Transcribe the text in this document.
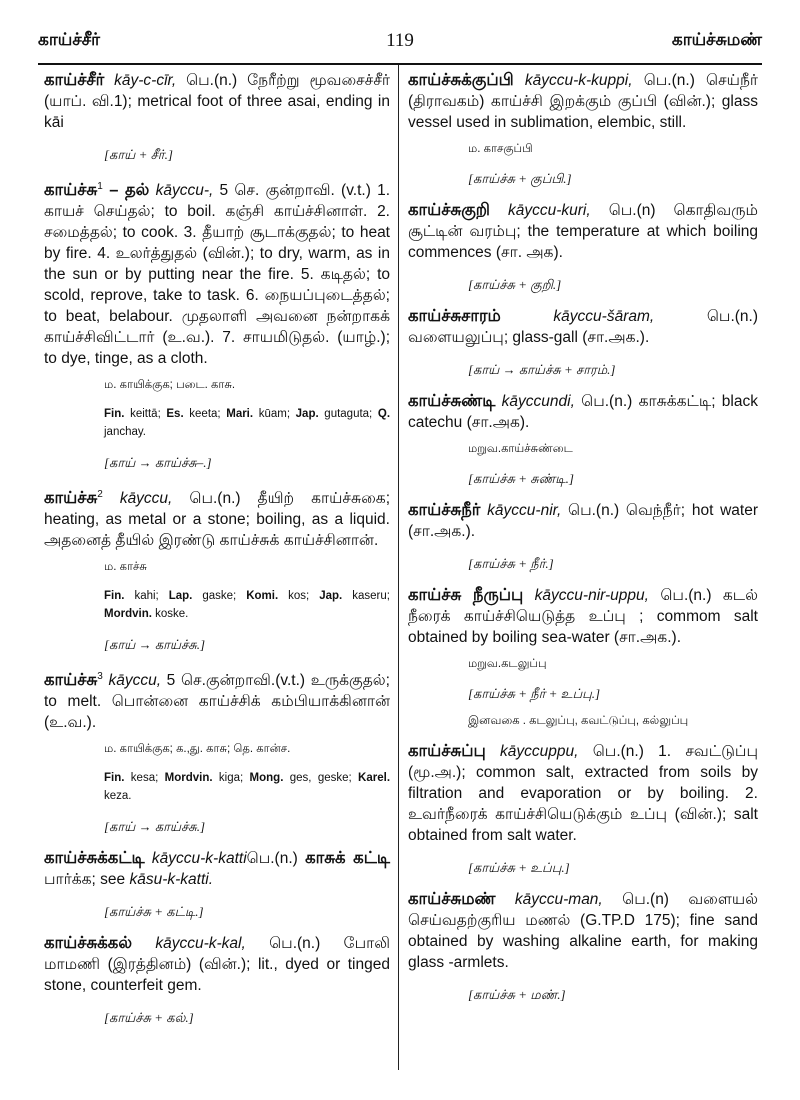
காய்ச்சீர்	119	காய்ச்சுமண்

காய்ச்சீர் kāy-c-cīr, பெ.(n.) நேரீற்று மூவசைச்சீர் (யாப். வி.1); metrical foot of three asai, ending in kāi

[காய் + சீர்.]

காய்ச்சு$^1$ – தல் kāyccu-, 5 செ. குன்றாவி. (v.t.) 1. காயச் செய்தல்; to boil. கஞ்சி காய்ச்சினாள். 2. சமைத்தல்; to cook. 3. தீயாற் சூடாக்குதல்; to heat by fire. 4. உலர்த்துதல் (வின்.); to dry, warm, as in the sun or by putting near the fire. 5. கடிதல்; to scold, reprove, take to task. 6. நையப்புடைத்தல்; to beat, belabour. முதலாளி அவனை நன்றாகக் காய்ச்சிவிட்டார் (உ.வ.). 7. சாயமிடுதல். (யாழ்.); to dye, tinge, as a cloth.

ம. காயிக்குக; படை. காசு.
Fin. keittā; Es. keeta; Mari. kūam; Jap. gutaguta; Q. janchay.
[காய் → காய்ச்சு–.]

காய்ச்சு$^2$ kāyccu, பெ.(n.) தீயிற் காய்ச்சுகை; heating, as metal or a stone; boiling, as a liquid. அதனைத் தீயில் இரண்டு காய்ச்சுக் காய்ச்சினான்.

ம. காச்சு
Fin. kahi; Lap. gaske; Komi. kos; Jap. kaseru; Mordvin. koske.
[காய் → காய்ச்சு.]

காய்ச்சு$^3$ kāyccu, 5 செ.குன்றாவி.(v.t.) உருக்குதல்; to melt. பொன்னை காய்ச்சிக் கம்பியாக்கினான் (உ.வ.).

ம. காயிக்குக; க.,து. காசு; தெ. கான்ச.
Fin. kesa; Mordvin. kiga; Mong. ges, geske; Karel. keza.
[காய் → காய்ச்சு.]

காய்ச்சுக்கட்டி kāyccu-k-kattiபெ.(n.) காசுக் கட்டி பார்க்க; see kāsu-k-katti.

[காய்ச்சு + கட்டி.]

காய்ச்சுக்கல் kāyccu-k-kal, பெ.(n.) போலி மாமணி (இரத்தினம்) (வின்.); lit., dyed or tinged stone, counterfeit gem.

[காய்ச்சு + கல்.]

காய்ச்சுக்குப்பி kāyccu-k-kuppi, பெ.(n.) செய்நீர் (திராவகம்) காய்ச்சி இறக்கும் குப்பி (வின்.); glass vessel used in sublimation, elembic, still.

ம. காசகுப்பி
[காய்ச்சு + குப்பி.]

காய்ச்சுகுறி kāyccu-kuri, பெ.(n) கொதிவரும் சூட்டின் வரம்பு; the temperature at which boiling commences (சா. அக).

[காய்ச்சு + குறி.]

காய்ச்சுசாரம்	kāyccu-šāram,	பெ.(n.) வளையலுப்பு; glass-gall (சா.அக.).

[காய் → காய்ச்சு + சாரம்.]

காய்ச்சுண்டி kāyccundi, பெ.(n.) காசுக்கட்டி; black catechu (சா.அக).

மறுவ.காய்ச்சுண்டை
[காய்ச்சு + சுண்டி.]

காய்ச்சுநீர் kāyccu-nir, பெ.(n.) வெந்நீர்; hot water (சா.அக.).

[காய்ச்சு + நீர்.]

காய்ச்சு நீருப்பு kāyccu-nir-uppu, பெ.(n.) கடல் நீரைக் காய்ச்சியெடுத்த உப்பு ; commom salt obtained by boiling sea-water (சா.அக.).

மறுவ.கடலுப்பு
[காய்ச்சு + நீர் + உப்பு.]
இனவகை . கடலுப்பு, கவட்டுப்பு, கல்லுப்பு

காய்ச்சுப்பு kāyccuppu, பெ.(n.) 1. சவட்டுப்பு (மூ.அ.); common salt, extracted from soils by filtration and evaporation or by boiling. 2. உவர்நீரைக் காய்ச்சியெடுக்கும் உப்பு (வின்.); salt obtained from salt water.

[காய்ச்சு + உப்பு.]

காய்ச்சுமண் kāyccu-man, பெ.(n) வளையல் செய்வதற்குரிய மணல் (G.TP.D 175); fine sand obtained by washing alkaline earth, for making glass -armlets.

[காய்ச்சு + மண்.]
